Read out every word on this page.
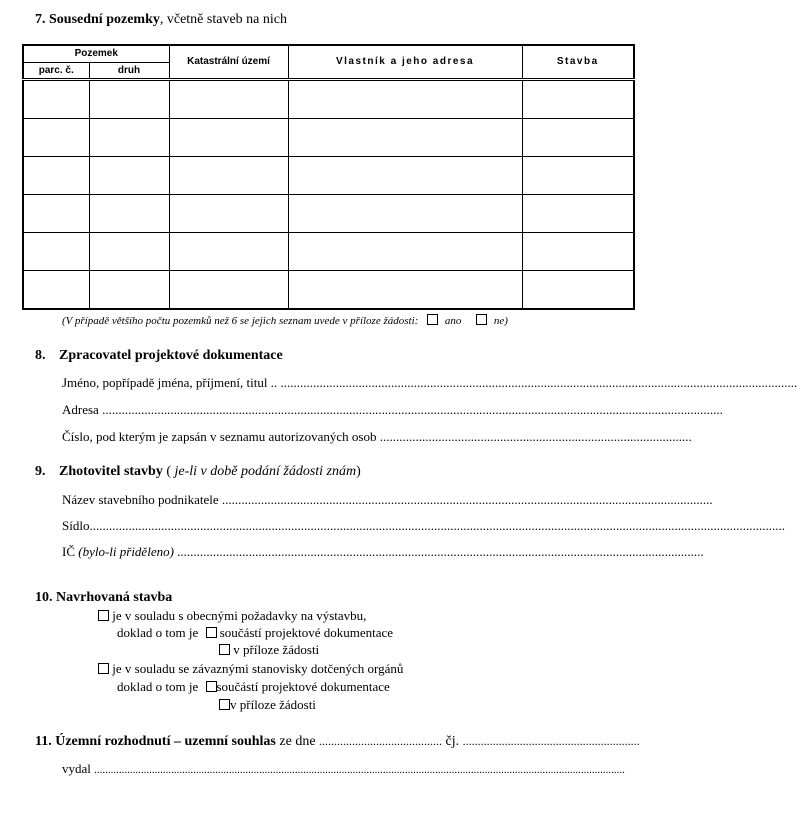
7. Sousední pozemky, včetně staveb na nich
Pozemek		Katastrální území	Vlastník a jeho adresa	Stavba
parc. č.	druh			

(V případě většího počtu pozemků než 6 se jejich seznam uvede v příloze žádosti: ano	ne)
8. Zpracovatel projektové dokumentace
Jméno, popřípadě jména, příjmení, titul .. ...............................................................................................................................................................
Adresa ...............................................................................................................................................................................................
Číslo, pod kterým je zapsán v seznamu autorizovaných osob ................................................................................................
9. Zhotovitel stavby ( je-li v době podání žádosti znám)
Název stavebního podnikatele .......................................................................................................................................................
Sídlo......................................................................................................................................................................................................................
IČ (bylo-li přiděleno) ..................................................................................................................................................................
10. Navrhovaná stavba
je v souladu s obecnými požadavky na výstavbu,
doklad o tom je součástí projektové dokumentace
v příloze žádosti
je v souladu se závaznými stanovisky dotčených orgánů
doklad o tom je součástí projektové dokumentace
v příloze žádosti
11. Územní rozhodnutí – uzemní souhlas ze dne ......................................... čj. ...........................................................
vydal .................................................................................................................................................................................................
